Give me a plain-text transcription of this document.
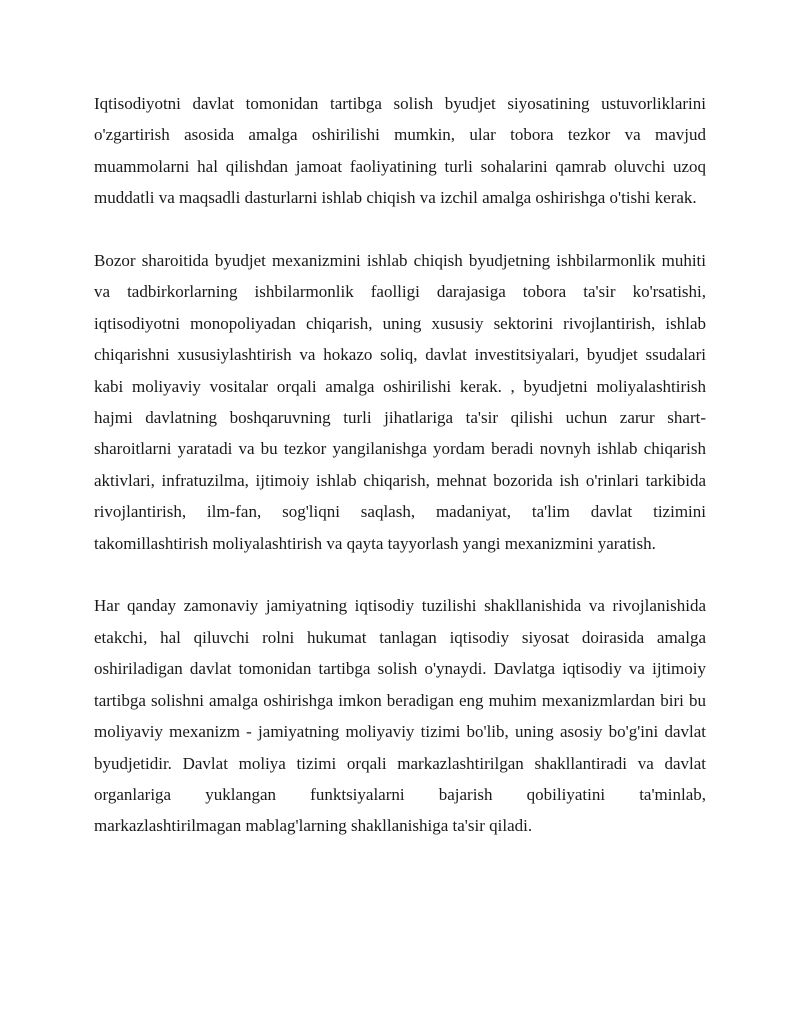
Iqtisodiyotni davlat tomonidan tartibga solish byudjet siyosatining ustuvorliklarini o'zgartirish asosida amalga oshirilishi mumkin, ular tobora tezkor va mavjud muammolarni hal qilishdan jamoat faoliyatining turli sohalarini qamrab oluvchi uzoq muddatli va maqsadli dasturlarni ishlab chiqish va izchil amalga oshirishga o'tishi kerak.

Bozor sharoitida byudjet mexanizmini ishlab chiqish byudjetning ishbilarmonlik muhiti va tadbirkorlarning ishbilarmonlik faolligi darajasiga tobora ta'sir ko'rsatishi, iqtisodiyotni monopoliyadan chiqarish, uning xususiy sektorini rivojlantirish, ishlab chiqarishni xususiylashtirish va hokazo soliq, davlat investitsiyalari, byudjet ssudalari kabi moliyaviy vositalar orqali amalga oshirilishi kerak. , byudjetni moliyalashtirish hajmi davlatning boshqaruvning turli jihatlariga ta'sir qilishi uchun zarur shart-sharoitlarni yaratadi va bu tezkor yangilanishga yordam beradi novnyh ishlab chiqarish aktivlari, infratuzilma, ijtimoiy ishlab chiqarish, mehnat bozorida ish o'rinlari tarkibida rivojlantirish, ilm-fan, sog'liqni saqlash, madaniyat, ta'lim davlat tizimini takomillashtirish moliyalashtirish va qayta tayyorlash yangi mexanizmini yaratish.

Har qanday zamonaviy jamiyatning iqtisodiy tuzilishi shakllanishida va rivojlanishida etakchi, hal qiluvchi rolni hukumat tanlagan iqtisodiy siyosat doirasida amalga oshiriladigan davlat tomonidan tartibga solish o'ynaydi. Davlatga iqtisodiy va ijtimoiy tartibga solishni amalga oshirishga imkon beradigan eng muhim mexanizmlardan biri bu moliyaviy mexanizm - jamiyatning moliyaviy tizimi bo'lib, uning asosiy bo'g'ini davlat byudjetidir. Davlat moliya tizimi orqali markazlashtirilgan shakllantiradi va davlat organlariga yuklangan funktsiyalarni bajarish qobiliyatini ta'minlab, markazlashtirilmagan mablag'larning shakllanishiga ta'sir qiladi.
